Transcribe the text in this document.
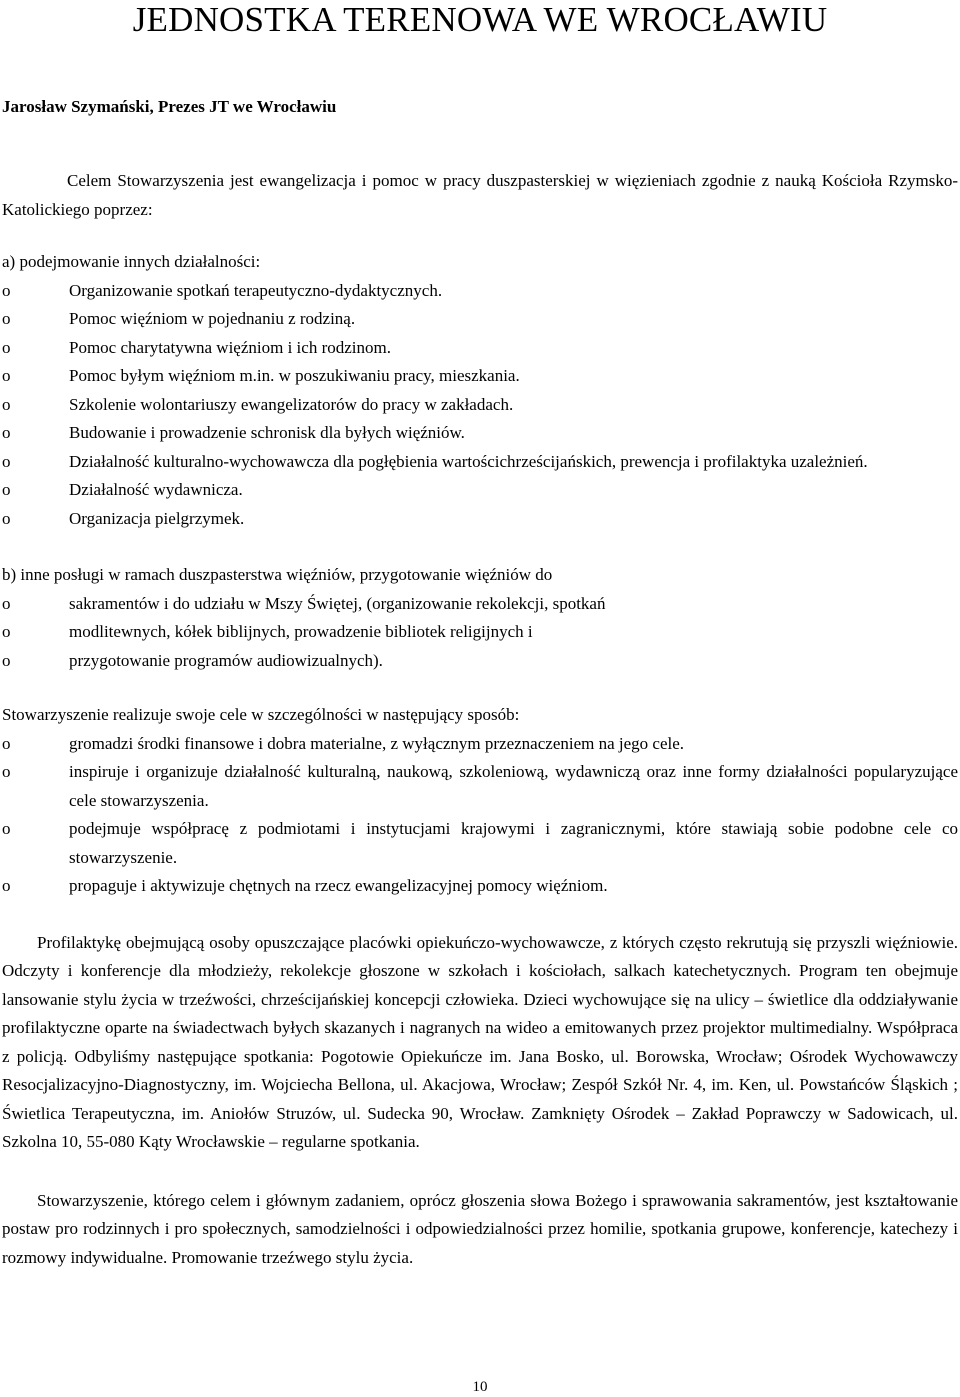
JEDNOSTKA TERENOWA WE WROCŁAWIU
Jarosław Szymański, Prezes JT we Wrocławiu

Celem Stowarzyszenia jest ewangelizacja i pomoc w pracy duszpasterskiej w więzieniach zgodnie z nauką Kościoła Rzymsko-Katolickiego poprzez:

a) podejmowanie innych działalności:

o	Organizowanie spotkań terapeutyczno-dydaktycznych.
o	Pomoc więźniom w pojednaniu z rodziną.
o	Pomoc charytatywna więźniom i ich rodzinom.
o	Pomoc byłym więźniom m.in. w poszukiwaniu pracy, mieszkania.
o	Szkolenie wolontariuszy ewangelizatorów do pracy w zakładach.
o	Budowanie i prowadzenie schronisk dla byłych więźniów.
o	Działalność kulturalno-wychowawcza dla pogłębienia wartościchrześcijańskich, prewencja i profilaktyka uzależnień.
o	Działalność wydawnicza.
o	Organizacja pielgrzymek.

b) inne posługi w ramach duszpasterstwa więźniów, przygotowanie więźniów do

o	sakramentów i do udziału w Mszy Świętej, (organizowanie rekolekcji, spotkań
o	modlitewnych, kółek biblijnych, prowadzenie bibliotek religijnych i
o	przygotowanie programów audiowizualnych).

Stowarzyszenie realizuje swoje cele w szczególności w następujący sposób:

o	gromadzi środki finansowe i dobra materialne, z wyłącznym przeznaczeniem na jego cele.
o	inspiruje i organizuje działalność kulturalną, naukową, szkoleniową, wydawniczą oraz inne formy działalności popularyzujące cele stowarzyszenia.
o	podejmuje współpracę z podmiotami i instytucjami krajowymi i zagranicznymi, które stawiają sobie podobne cele co stowarzyszenie.
o	propaguje i aktywizuje chętnych na rzecz ewangelizacyjnej pomocy więźniom.

Profilaktykę obejmującą osoby opuszczające placówki opiekuńczo-wychowawcze, z których często rekrutują się przyszli więźniowie. Odczyty i konferencje dla młodzieży, rekolekcje głoszone w szkołach i kościołach, salkach katechetycznych. Program ten obejmuje lansowanie stylu życia w trzeźwości, chrześcijańskiej koncepcji człowieka. Dzieci wychowujące się na ulicy – świetlice dla oddziaływanie profilaktyczne oparte na świadectwach byłych skazanych i nagranych na wideo a emitowanych przez projektor multimedialny. Współpraca z policją. Odbyliśmy następujące spotkania: Pogotowie Opiekuńcze im. Jana Bosko, ul. Borowska, Wrocław; Ośrodek Wychowawczy Resocjalizacyjno-Diagnostyczny, im. Wojciecha Bellona, ul. Akacjowa, Wrocław; Zespół Szkół Nr. 4, im. Ken, ul. Powstańców Śląskich ; Świetlica Terapeutyczna, im. Aniołów Struzów, ul. Sudecka 90, Wrocław. Zamknięty Ośrodek – Zakład Poprawczy w Sadowicach, ul. Szkolna 10, 55-080 Kąty Wrocławskie – regularne spotkania.

Stowarzyszenie, którego celem i głównym zadaniem, oprócz głoszenia słowa Bożego i sprawowania sakramentów, jest kształtowanie postaw pro rodzinnych i pro społecznych, samodzielności i odpowiedzialności przez homilie, spotkania grupowe, konferencje, katechezy i rozmowy indywidualne. Promowanie trzeźwego stylu życia.

10
